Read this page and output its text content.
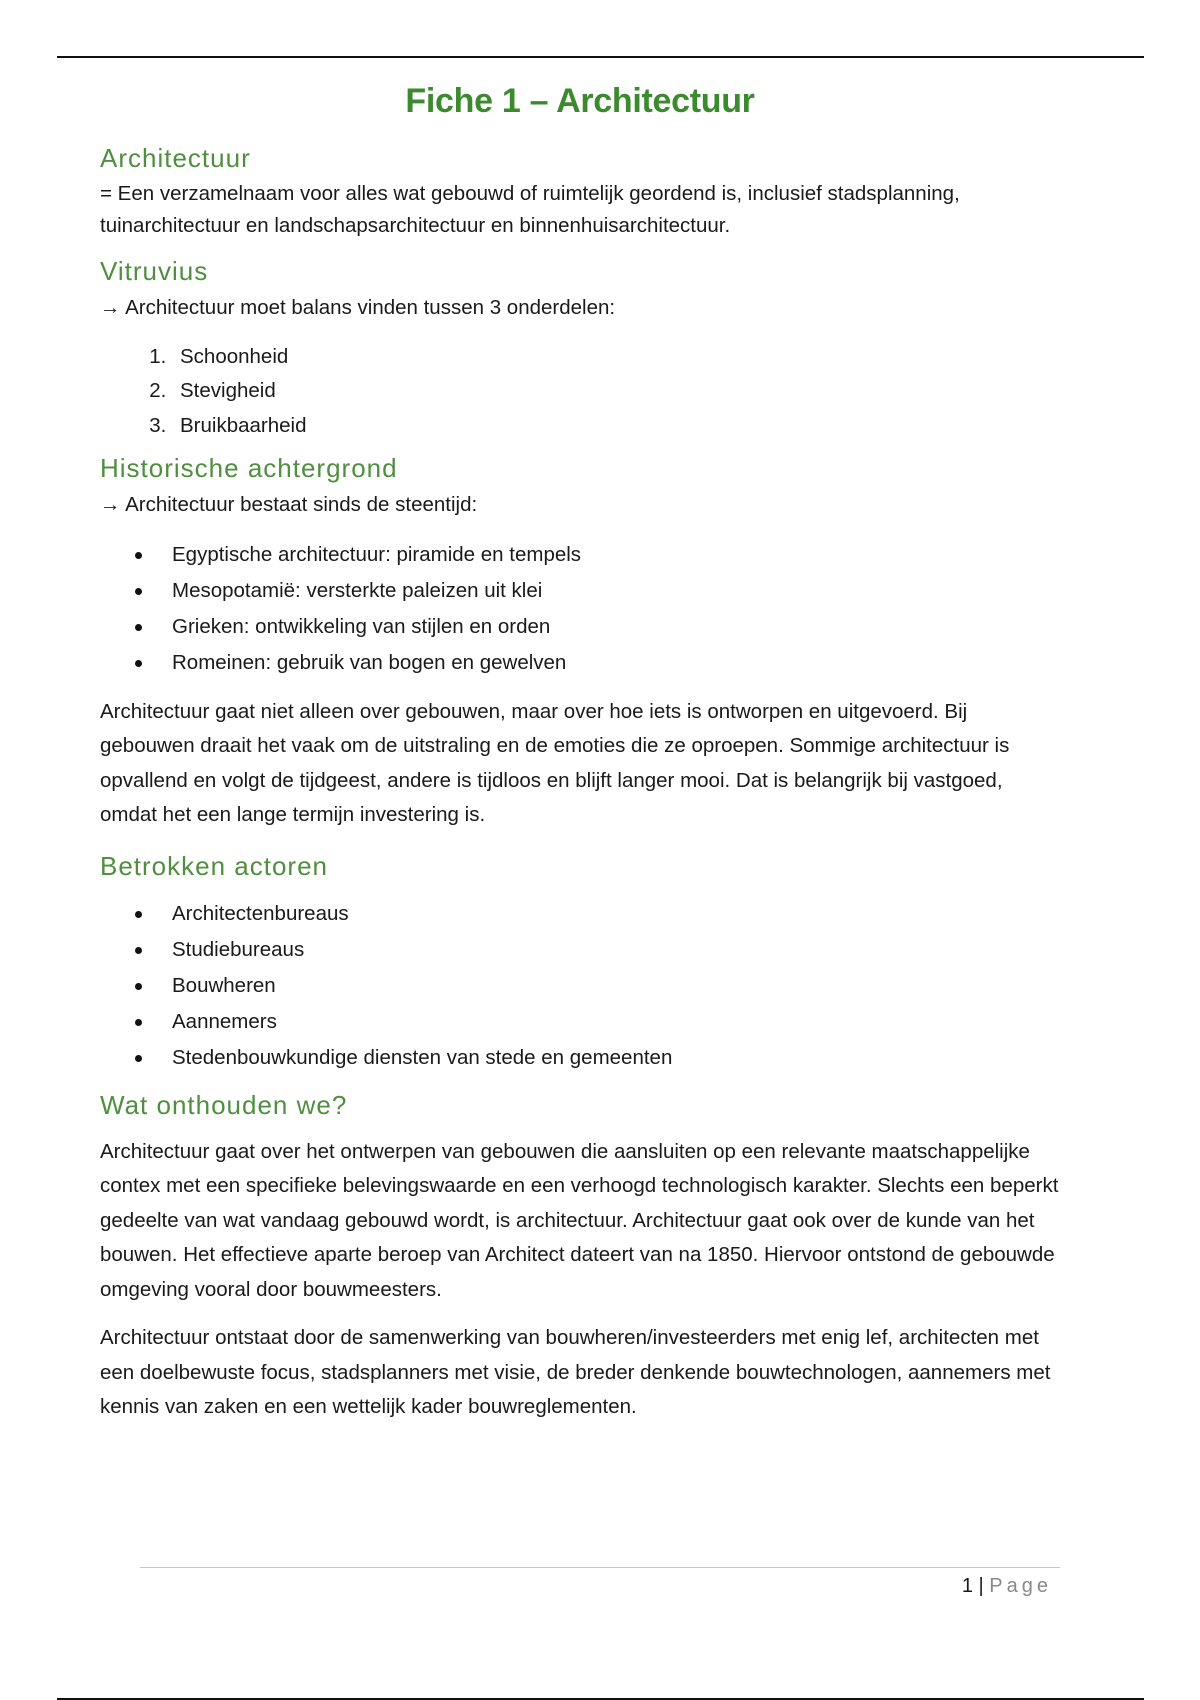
Fiche 1 – Architectuur
Architectuur

= Een verzamelnaam voor alles wat gebouwd of ruimtelijk geordend is, inclusief stadsplanning, tuinarchitectuur en landschapsarchitectuur en binnenhuisarchitectuur.

Vitruvius
→ Architectuur moet balans vinden tussen 3 onderdelen:
1. Schoonheid
2. Stevigheid
3. Bruikbaarheid
Historische achtergrond
→ Architectuur bestaat sinds de steentijd:
Egyptische architectuur: piramide en tempels
Mesopotamië: versterkte paleizen uit klei
Grieken: ontwikkeling van stijlen en orden
Romeinen: gebruik van bogen en gewelven

Architectuur gaat niet alleen over gebouwen, maar over hoe iets is ontworpen en uitgevoerd. Bij gebouwen draait het vaak om de uitstraling en de emoties die ze oproepen. Sommige architectuur is opvallend en volgt de tijdgeest, andere is tijdloos en blijft langer mooi. Dat is belangrijk bij vastgoed, omdat het een lange termijn investering is.

Betrokken actoren
Architectenbureaus
Studiebureaus
Bouwheren
Aannemers
Stedenbouwkundige diensten van stede en gemeenten
Wat onthouden we?

Architectuur gaat over het ontwerpen van gebouwen die aansluiten op een relevante maatschappelijke contex met een specifieke belevingswaarde en een verhoogd technologisch karakter. Slechts een beperkt gedeelte van wat vandaag gebouwd wordt, is architectuur. Architectuur gaat ook over de kunde van het bouwen. Het effectieve aparte beroep van Architect dateert van na 1850. Hiervoor ontstond de gebouwde omgeving vooral door bouwmeesters.

Architectuur ontstaat door de samenwerking van bouwheren/investeerders met enig lef, architecten met een doelbewuste focus, stadsplanners met visie, de breder denkende bouwtechnologen, aannemers met kennis van zaken en een wettelijk kader bouwreglementen.

1 | Page
